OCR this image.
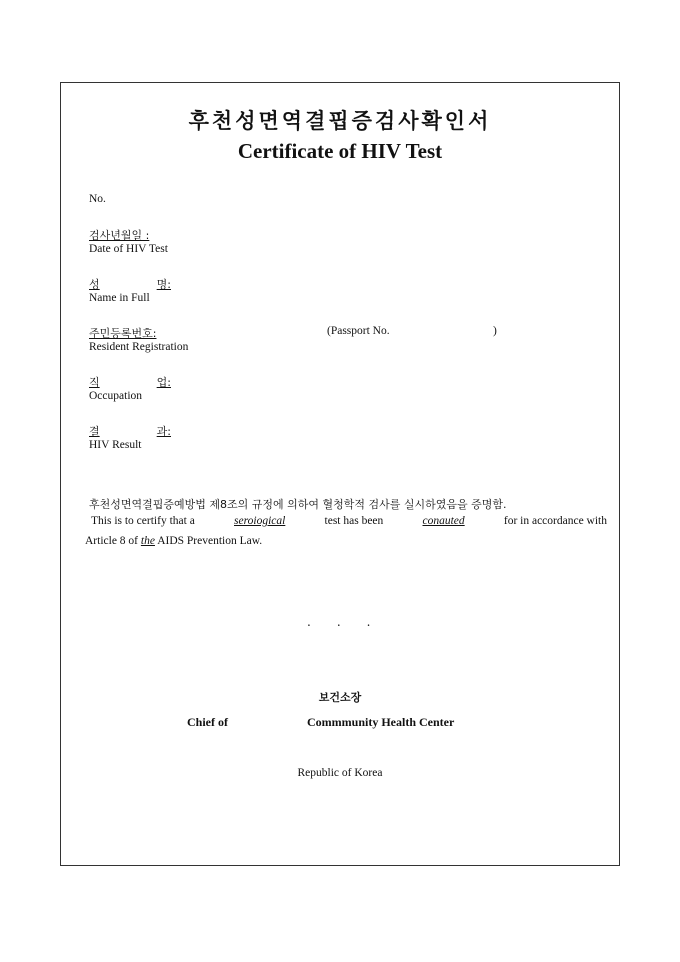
후천성면역결핍증검사확인서
Certificate of HIV Test
No.
검사년월일 :
Date of HIV Test
성	명:
Name in Full
주민등록번호:
Resident Registration
(Passport No.	)
직	업:
Occupation
결	과:
HIV Result
후천성면역결핍증예방법 제8조의 규정에 의하여 혈청학적 검사를 실시하였음을 증명함.
This is to certify that a	seroiogical	test has been	conauted	for in accordance with
Article 8 of the AIDS Prevention Law.
...
보건소장
Chief of	Commmunity Health Center
Republic of Korea
